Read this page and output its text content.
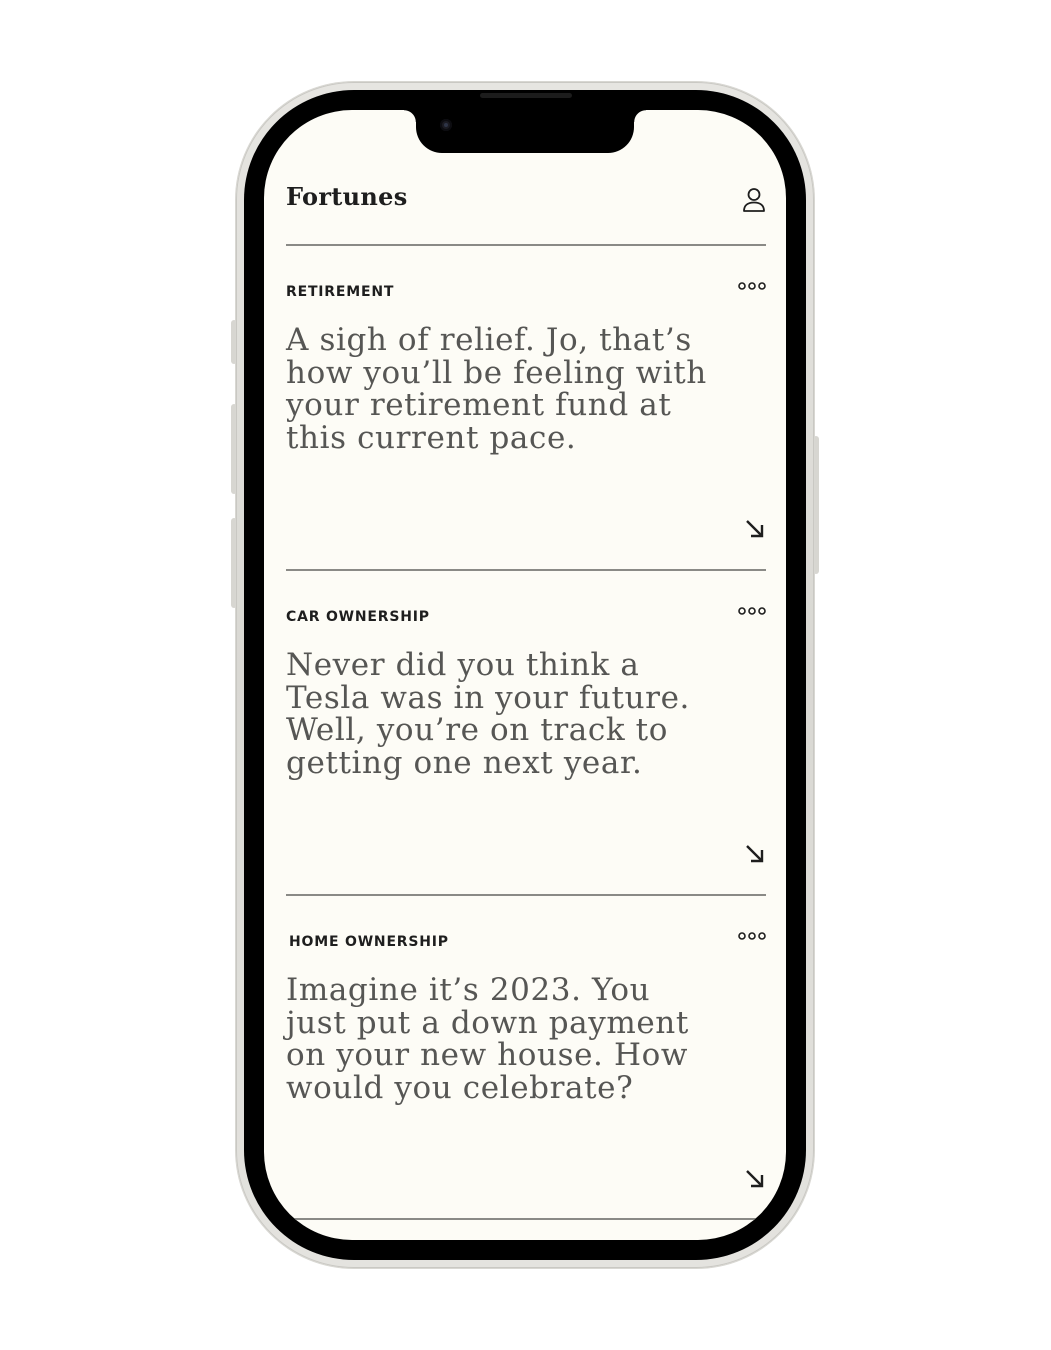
Fortunes
RETIREMENT
A sigh of relief. Jo, that’s how you’ll be feeling with your retirement fund at this current pace.
CAR OWNERSHIP
Never did you think a Tesla was in your future. Well, you’re on track to getting one next year.
HOME OWNERSHIP
Imagine it’s 2023. You just put a down payment on your new house. How would you celebrate?
